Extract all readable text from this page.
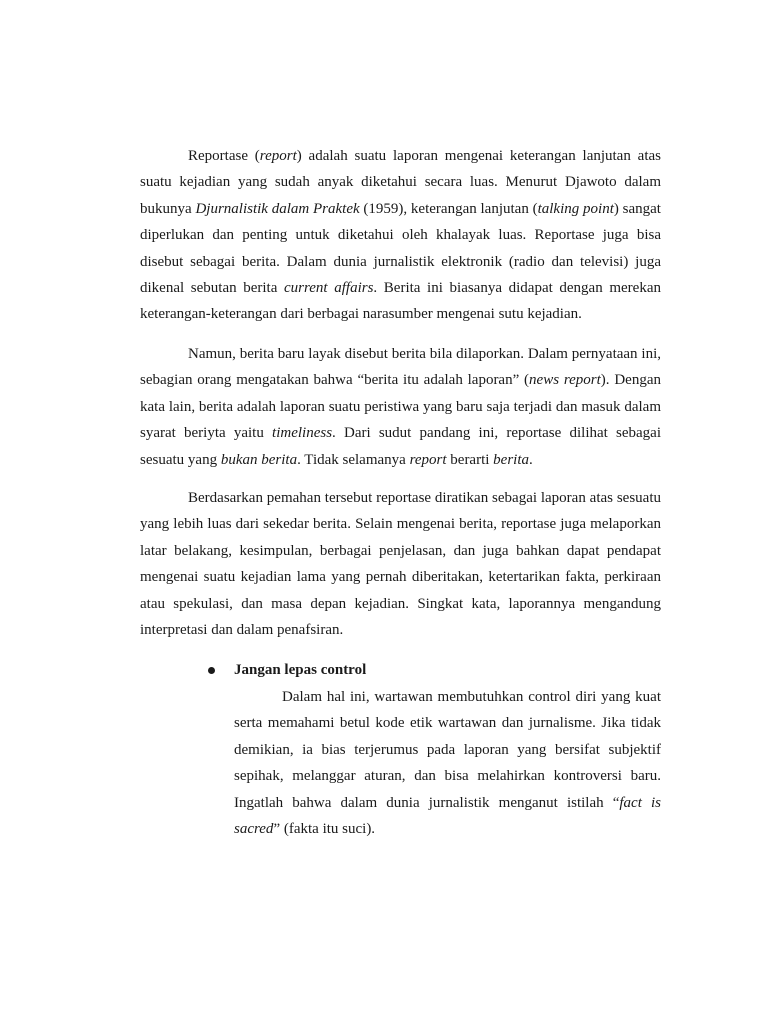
Reportase (report) adalah suatu laporan mengenai keterangan lanjutan atas suatu kejadian yang sudah anyak diketahui secara luas. Menurut Djawoto dalam bukunya Djurnalistik dalam Praktek (1959), keterangan lanjutan (talking point) sangat diperlukan dan penting untuk diketahui oleh khalayak luas. Reportase juga bisa disebut sebagai berita. Dalam dunia jurnalistik elektronik (radio dan televisi) juga dikenal sebutan berita current affairs. Berita ini biasanya didapat dengan merekan keterangan-keterangan dari berbagai narasumber mengenai sutu kejadian.

Namun, berita baru layak disebut berita bila dilaporkan. Dalam pernyataan ini, sebagian orang mengatakan bahwa “berita itu adalah laporan” (news report). Dengan kata lain, berita adalah laporan suatu peristiwa yang baru saja terjadi dan masuk dalam syarat beriyta yaitu timeliness. Dari sudut pandang ini, reportase dilihat sebagai sesuatu yang bukan berita. Tidak selamanya report berarti berita.

Berdasarkan pemahan tersebut reportase diratikan sebagai laporan atas sesuatu yang lebih luas dari sekedar berita. Selain mengenai berita, reportase juga melaporkan latar belakang, kesimpulan, berbagai penjelasan, dan juga bahkan dapat pendapat mengenai suatu kejadian lama yang pernah diberitakan, ketertarikan fakta, perkiraan atau spekulasi, dan masa depan kejadian. Singkat kata, laporannya mengandung interpretasi dan dalam penafsiran.

Jangan lepas control

Dalam hal ini, wartawan membutuhkan control diri yang kuat serta memahami betul kode etik wartawan dan jurnalisme. Jika tidak demikian, ia bias terjerumus pada laporan yang bersifat subjektif sepihak, melanggar aturan, dan bisa melahirkan kontroversi baru. Ingatlah bahwa dalam dunia jurnalistik menganut istilah “fact is sacred” (fakta itu suci).
